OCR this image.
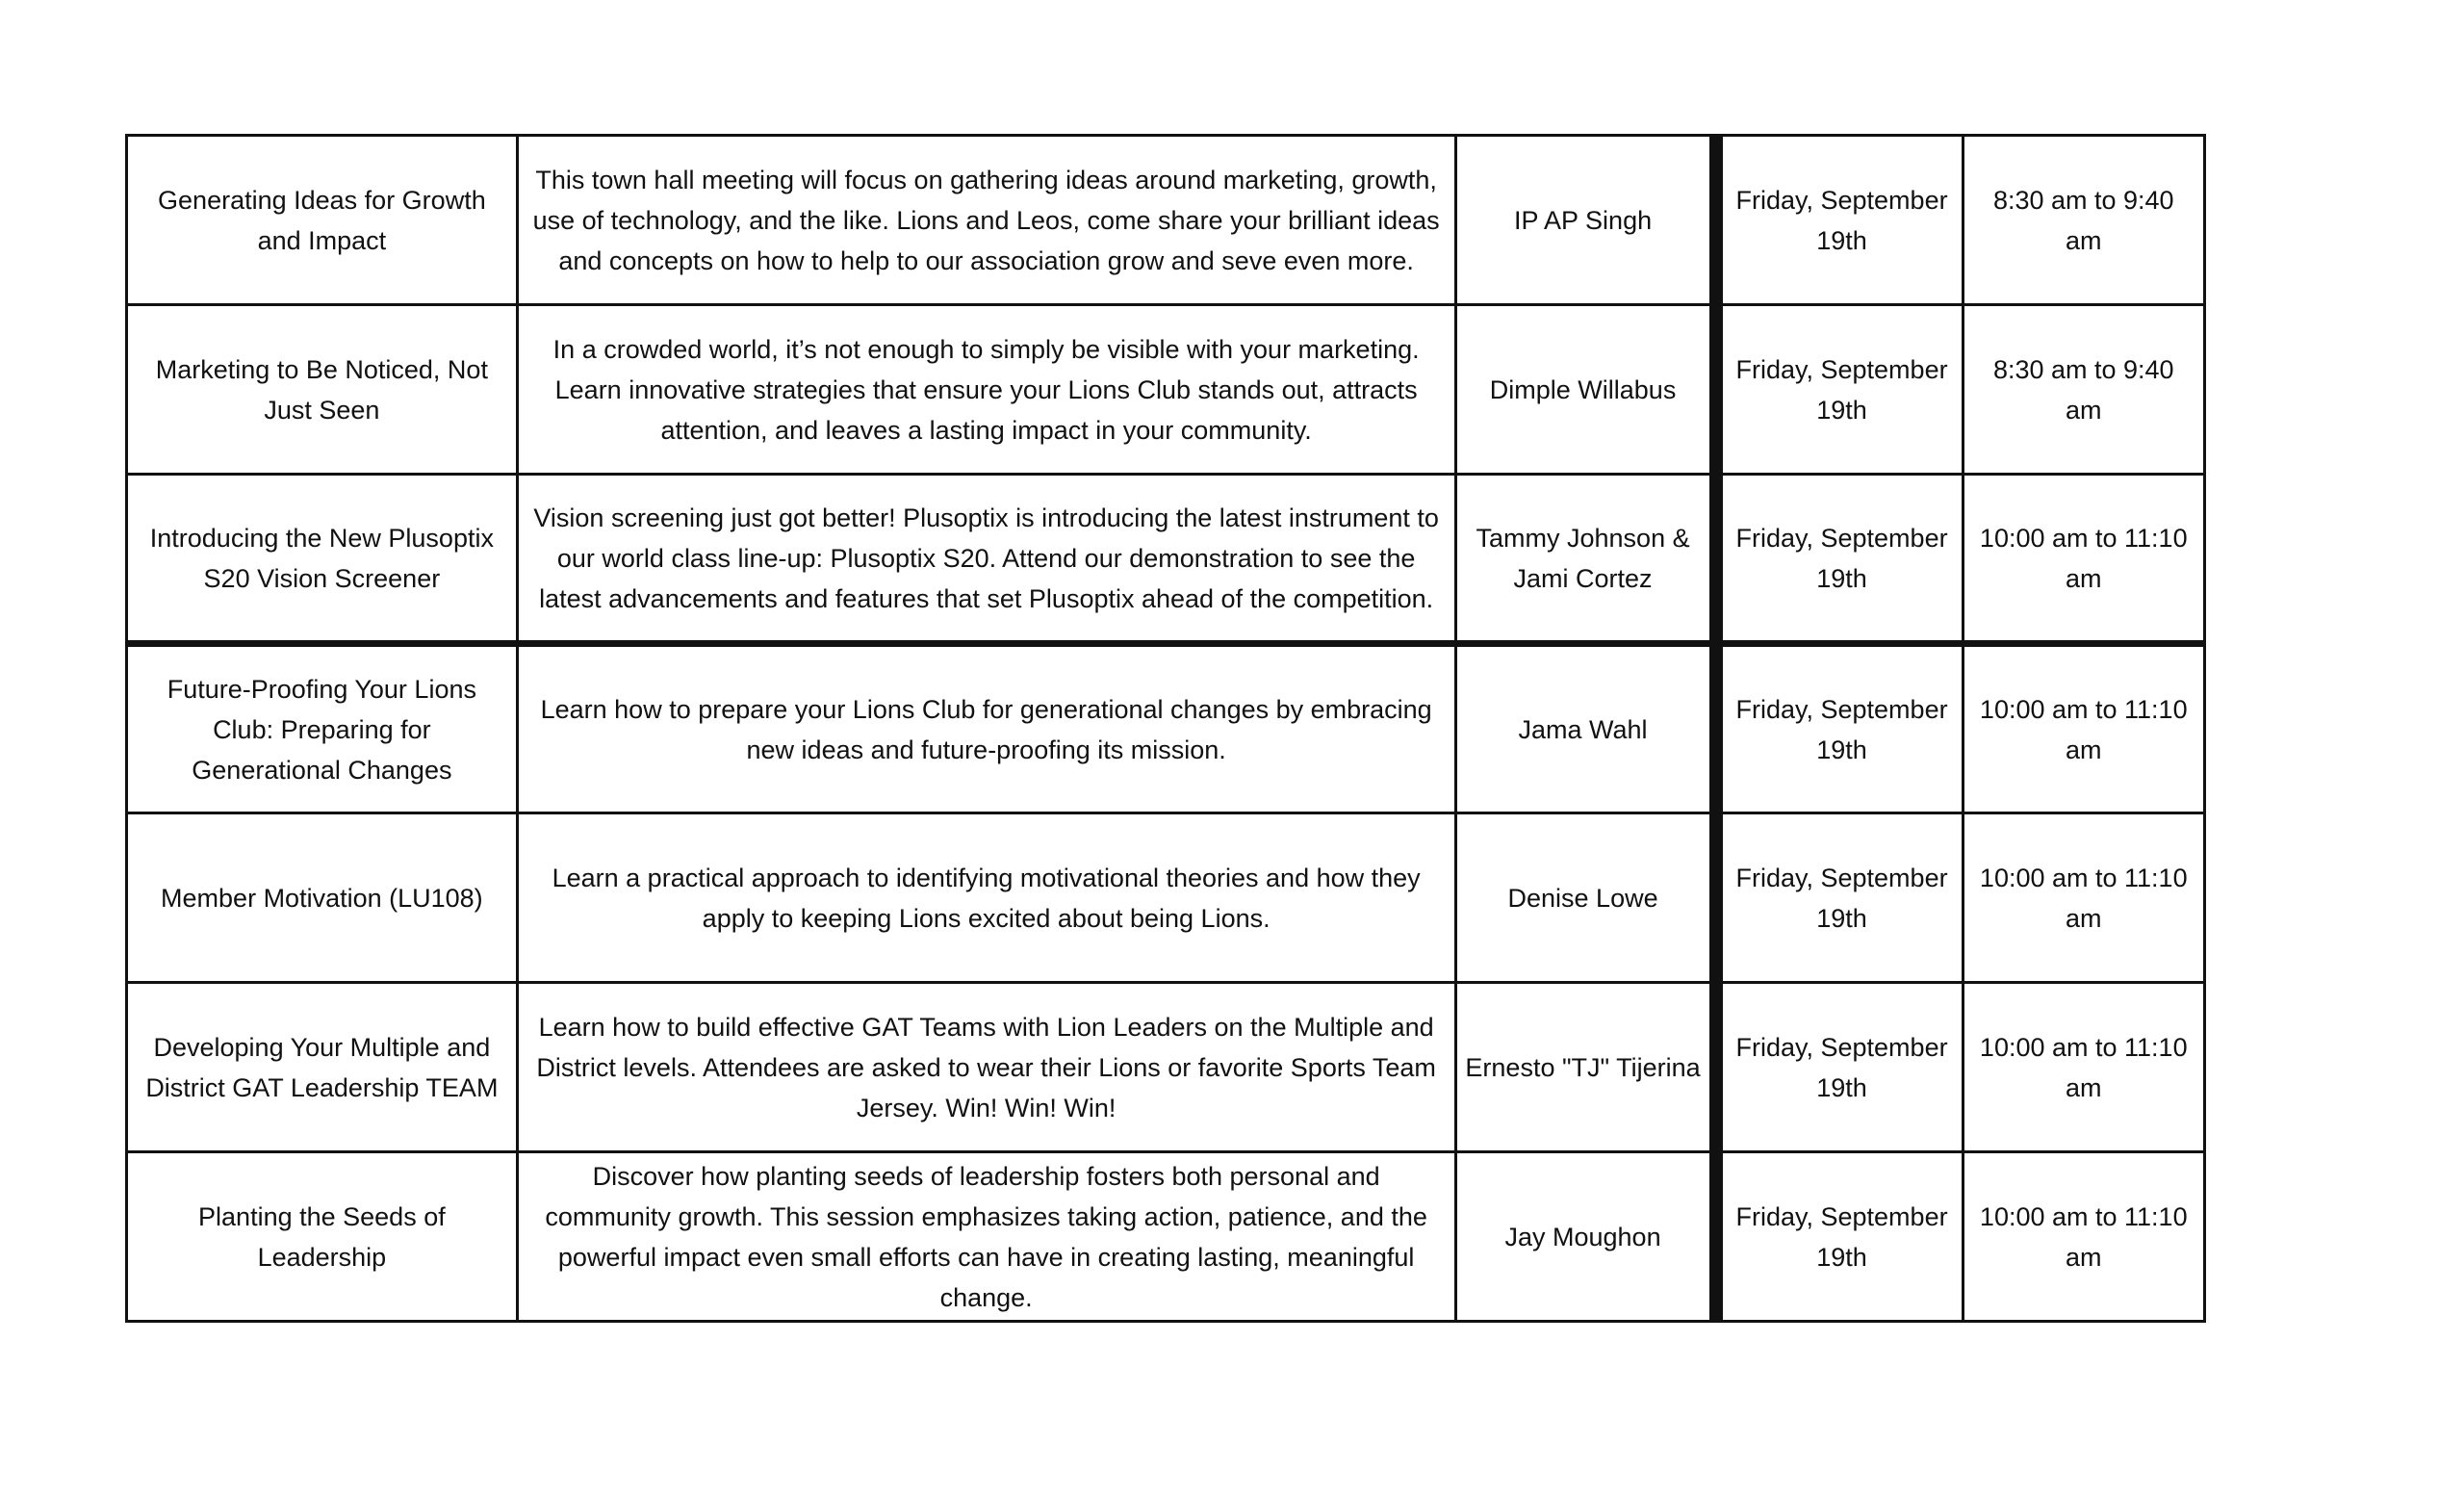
Generating Ideas for Growth and Impact	This town hall meeting will focus on gathering ideas around marketing, growth, use of technology, and the like. Lions and Leos, come share your brilliant ideas and concepts on how to help to our association grow and seve even more.	IP AP Singh	Friday, September 19th	8:30 am to 9:40 am
Marketing to Be Noticed, Not Just Seen	In a crowded world, it’s not enough to simply be visible with your marketing. Learn innovative strategies that ensure your Lions Club stands out, attracts attention, and leaves a lasting impact in your community.	Dimple Willabus	Friday, September 19th	8:30 am to 9:40 am
Introducing the New Plusoptix S20 Vision Screener	Vision screening just got better! Plusoptix is introducing the latest instrument to our world class line-up: Plusoptix S20. Attend our demonstration to see the latest advancements and features that set Plusoptix ahead of the competition.	Tammy Johnson & Jami Cortez	Friday, September 19th	10:00 am to 11:10 am
Future-Proofing Your Lions Club: Preparing for Generational Changes	Learn how to prepare your Lions Club for generational changes by embracing new ideas and future-proofing its mission.	Jama Wahl	Friday, September 19th	10:00 am to 11:10 am
Member Motivation (LU108)	Learn a practical approach to identifying motivational theories and how they apply to keeping Lions excited about being Lions.	Denise Lowe	Friday, September 19th	10:00 am to 11:10 am
Developing Your Multiple and District GAT Leadership TEAM	Learn how to build effective GAT Teams with Lion Leaders on the Multiple and District levels. Attendees are asked to wear their Lions or favorite Sports Team Jersey. Win! Win! Win!	Ernesto "TJ" Tijerina	Friday, September 19th	10:00 am to 11:10 am
Planting the Seeds of Leadership	Discover how planting seeds of leadership fosters both personal and community growth. This session emphasizes taking action, patience, and the powerful impact even small efforts can have in creating lasting, meaningful change.	Jay Moughon	Friday, September 19th	10:00 am to 11:10 am
